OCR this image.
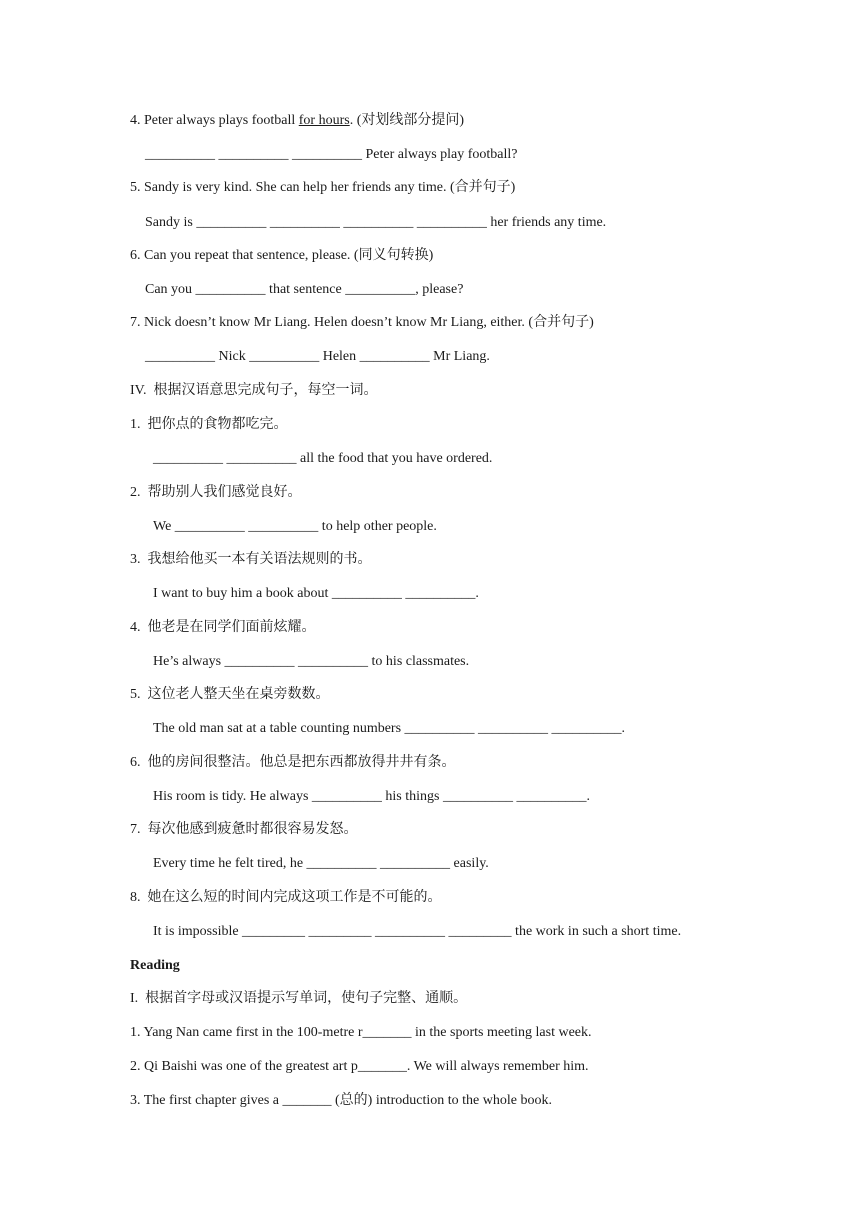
4. Peter always plays football for hours. (对划线部分提问)
__________ __________ __________ Peter always play football?
5. Sandy is very kind. She can help her friends any time. (合并句子)
Sandy is __________ __________ __________ __________ her friends any time.
6. Can you repeat that sentence, please. (同义句转换)
Can you __________ that sentence __________, please?
7. Nick doesn’t know Mr Liang. Helen doesn’t know Mr Liang, either. (合并句子)
__________ Nick __________ Helen __________ Mr Liang.
IV.  根据汉语意思完成句子，每空一词。
1.  把你点的食物都吃完。
__________ __________ all the food that you have ordered.
2.  帮助别人我们感觉良好。
We __________ __________ to help other people.
3.  我想给他买一本有关语法规则的书。
I want to buy him a book about __________ __________.
4.  他老是在同学们面前炫耀。
He’s always __________ __________ to his classmates.
5.  这位老人整天坐在桌旁数数。
The old man sat at a table counting numbers __________ __________ __________.
6.  他的房间很整洁。他总是把东西都放得井井有条。
His room is tidy. He always __________ his things __________ __________.
7.  每次他感到疲惫时都很容易发怒。
Every time he felt tired, he __________ __________ easily.
8.  她在这么短的时间内完成这项工作是不可能的。
It is impossible _________ _________ __________ _________ the work in such a short time.
Reading
I.  根据首字母或汉语提示写单词，使句子完整、通顺。
1. Yang Nan came first in the 100-metre r_______ in the sports meeting last week.
2. Qi Baishi was one of the greatest art p_______. We will always remember him.
3. The first chapter gives a _______ (总的) introduction to the whole book.
